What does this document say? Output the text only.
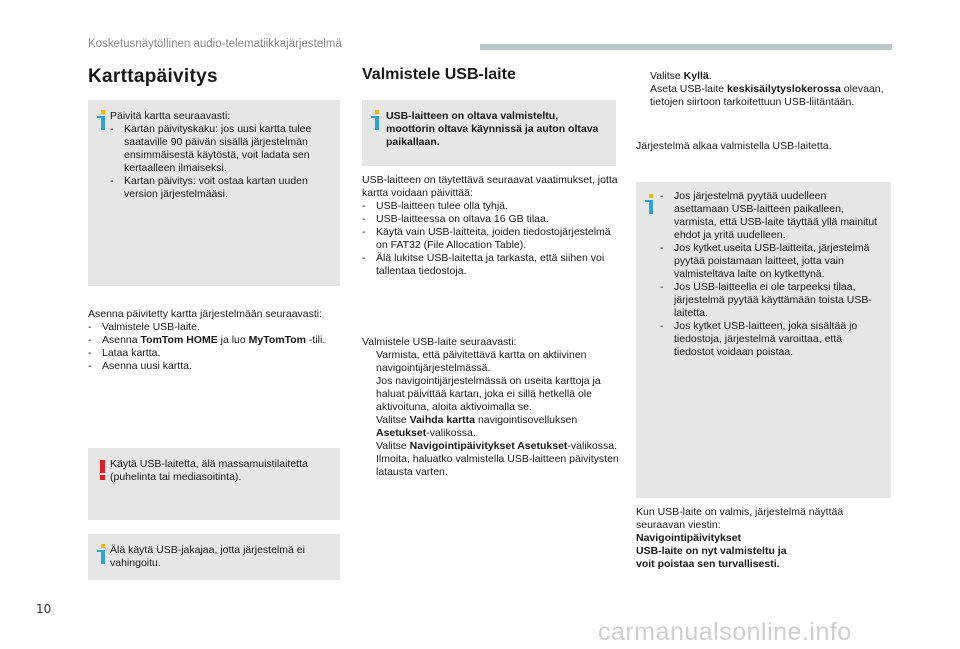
Kosketusnäytöllinen audio-telematiikkajärjestelmä
Karttapäivitys
Päivitä kartta seuraavasti:
-	Kartan päivityskaku: jos uusi kartta tulee saataville 90 päivän sisällä järjestelmän ensimmäisestä käytöstä, voit ladata sen kertaalleen ilmaiseksi.
-	Kartan päivitys: voit ostaa kartan uuden version järjestelmääsi.
Asenna päivitetty kartta järjestelmään seuraavasti:
-	Valmistele USB-laite.
-	Asenna TomTom HOME ja luo MyTomTom -tili.
-	Lataa kartta.
-	Asenna uusi kartta.
Käytä USB-laitetta, älä massamuistilaitetta (puhelinta tai mediasoitinta).
Älä käytä USB-jakajaa, jotta järjestelmä ei vahingoitu.
Valmistele USB-laite
USB-laitteen on oltava valmisteltu, moottorin oltava käynnissä ja auton oltava paikallaan.
USB-laitteen on täytettävä seuraavat vaatimukset, jotta kartta voidaan päivittää:
-	USB-laitteen tulee olla tyhjä.
-	USB-laitteessa on oltava 16 GB tilaa.
-	Käytä vain USB-laitteita, joiden tiedostojärjestelmä on FAT32 (File Allocation Table).
-	Älä lukitse USB-laitetta ja tarkasta, että siihen voi tallentaa tiedostoja.
Valmistele USB-laite seuraavasti:
Varmista, että päivitettävä kartta on aktiivinen navigointijärjestelmässä.
Jos navigointijärjestelmässä on useita karttoja ja haluat päivittää kartan, joka ei sillä hetkellä ole aktivoituna, aloita aktivoimalla se.
Valitse Vaihda kartta navigointisovelluksen Asetukset-valikossa.
Valitse Navigointipäivitykset Asetukset-valikossa.
Ilmoita, haluatko valmistella USB-laitteen päivitysten latausta varten.
Valitse Kyllä.
Aseta USB-laite keskisäilytyslokerossa olevaan, tietojen siirtoon tarkoitettuun USB-liitäntään.
Järjestelmä alkaa valmistella USB-laitetta.
-	Jos järjestelmä pyytää uudelleen asettamaan USB-laitteen paikalleen, varmista, että USB-laite täyttää yllä mainitut ehdot ja yritä uudelleen.
-	Jos kytket useita USB-laitteita, järjestelmä pyytää poistamaan laitteet, jotta vain valmisteltava laite on kytkettynä.
-	Jos USB-laitteella ei ole tarpeeksi tilaa, järjestelmä pyytää käyttämään toista USB-laitetta.
-	Jos kytket USB-laitteen, joka sisältää jo tiedostoja, järjestelmä varoittaa, että tiedostot voidaan poistaa.
Kun USB-laite on valmis, järjestelmä näyttää seuraavan viestin:
Navigointipäivitykset
USB-laite on nyt valmisteltu ja
voit poistaa sen turvallisesti.
10
carmanualsonline.info
